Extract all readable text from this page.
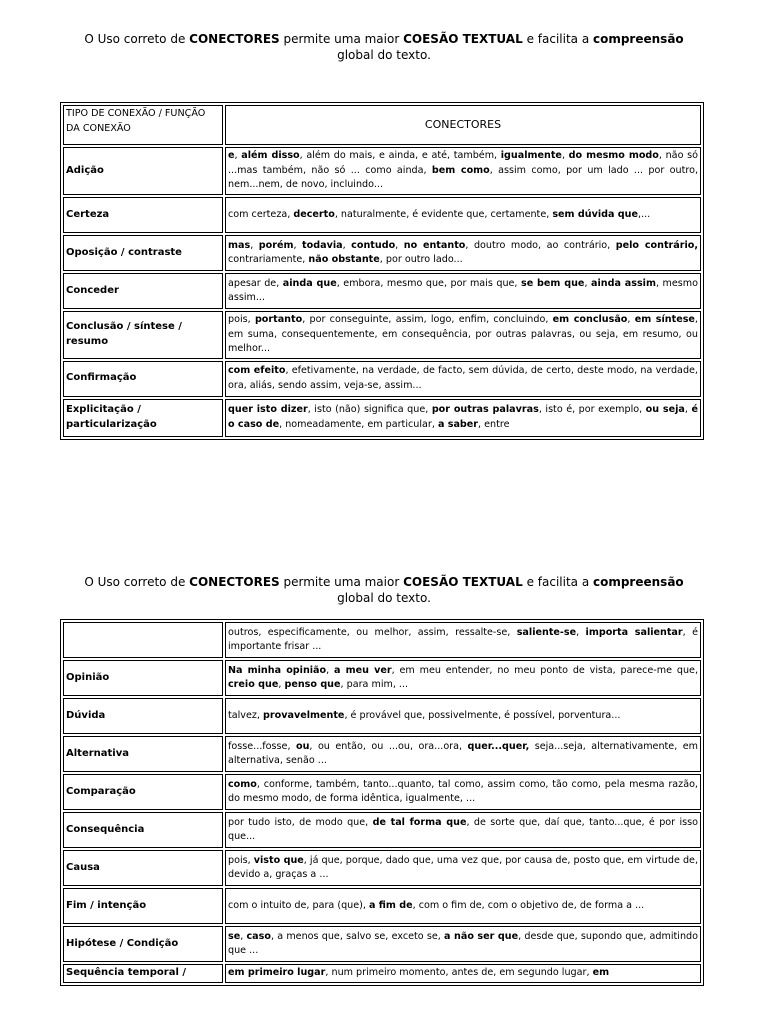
O Uso correto de CONECTORES permite uma maior COESÃO TEXTUAL e facilita a compreensão
global do texto.
TIPO DE CONEXÃO / FUNÇÃO DA CONEXÃO	CONECTORES
Adição	e, além disso, além do mais, e ainda, e até, também, igualmente, do mesmo modo, não só ...mas também, não só ... como ainda, bem como, assim como, por um lado ... por outro, nem...nem, de novo, incluindo...
Certeza	com certeza, decerto, naturalmente, é evidente que, certamente, sem dúvida que,...
Oposição / contraste	mas, porém, todavia, contudo, no entanto, doutro modo, ao contrário, pelo contrário, contrariamente, não obstante, por outro lado...
Conceder	apesar de, ainda que, embora, mesmo que, por mais que, se bem que, ainda assim, mesmo assim...
Conclusão / síntese / resumo	pois, portanto, por conseguinte, assim, logo, enfim, concluindo, em conclusão, em síntese, em suma, consequentemente, em consequência, por outras palavras, ou seja, em resumo, ou melhor...
Confirmação	com efeito, efetivamente, na verdade, de facto, sem dúvida, de certo, deste modo, na verdade, ora, aliás, sendo assim, veja-se, assim...
Explicitação / particularização	quer isto dizer, isto (não) significa que, por outras palavras, isto é, por exemplo, ou seja, é o caso de, nomeadamente, em particular, a saber, entre
O Uso correto de CONECTORES permite uma maior COESÃO TEXTUAL e facilita a compreensão
global do texto.
	outros, especificamente, ou melhor, assim, ressalte-se, saliente-se, importa salientar, é importante frisar ...
Opinião	Na minha opinião, a meu ver, em meu entender, no meu ponto de vista, parece-me que, creio que, penso que, para mim, ...
Dúvida	talvez, provavelmente, é provável que, possivelmente, é possível, porventura...
Alternativa	fosse...fosse, ou, ou então, ou ...ou, ora...ora, quer...quer, seja...seja, alternativamente, em alternativa, senão ...
Comparação	como, conforme, também, tanto...quanto, tal como, assim como, tão como, pela mesma razão, do mesmo modo, de forma idêntica, igualmente, ...
Consequência	por tudo isto, de modo que, de tal forma que, de sorte que, daí que, tanto...que, é por isso que...
Causa	pois, visto que, já que, porque, dado que, uma vez que, por causa de, posto que, em virtude de, devido a, graças a ...
Fim / intenção	com o intuito de, para (que), a fim de, com o fim de, com o objetivo de, de forma a ...
Hipótese / Condição	se, caso, a menos que, salvo se, exceto se, a não ser que, desde que, supondo que, admitindo que ...
Sequência temporal /	em primeiro lugar, num primeiro momento, antes de, em segundo lugar, em
